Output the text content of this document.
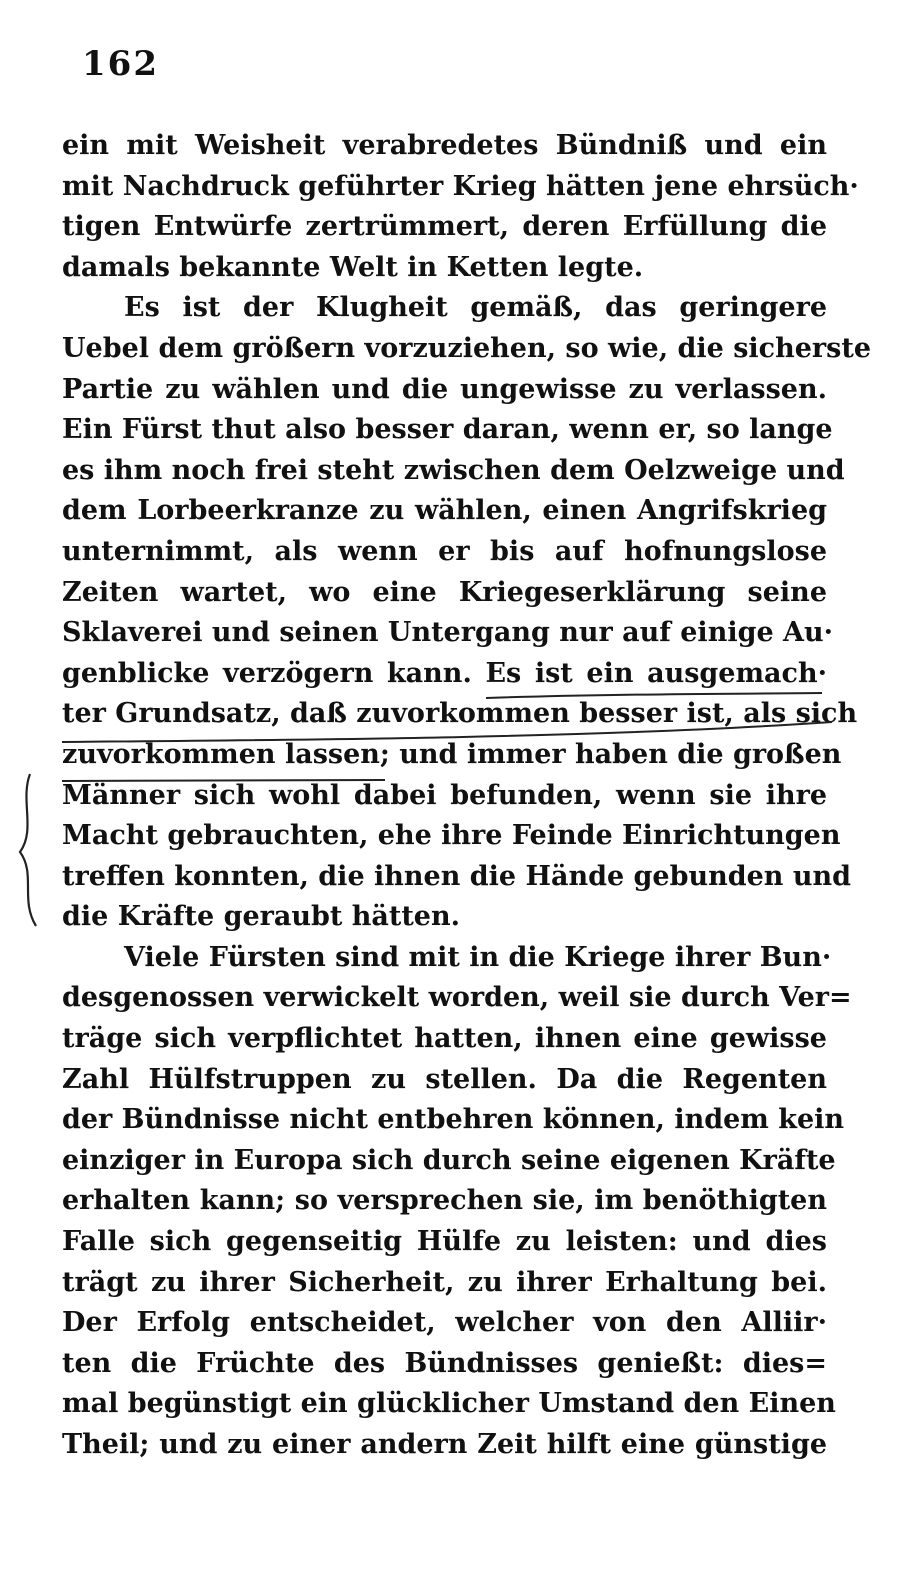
162
ein mit Weisheit verabredetes Bündniß und ein
mit Nachdruck geführter Krieg hätten jene ehrsüch·
tigen Entwürfe zertrümmert, deren Erfüllung die
damals bekannte Welt in Ketten legte.
Es ist der Klugheit gemäß, das geringere
Uebel dem größern vorzuziehen, so wie, die sicherste
Partie zu wählen und die ungewisse zu verlassen.
Ein Fürst thut also besser daran, wenn er, so lange
es ihm noch frei steht zwischen dem Oelzweige und
dem Lorbeerkranze zu wählen, einen Angrifskrieg
unternimmt, als wenn er bis auf hofnungslose
Zeiten wartet, wo eine Kriegeserklärung seine
Sklaverei und seinen Untergang nur auf einige Au·
genblicke verzögern kann. Es ist ein ausgemach·
ter Grundsatz, daß zuvorkommen besser ist, als sich
zuvorkommen lassen; und immer haben die großen
Männer sich wohl dabei befunden, wenn sie ihre
Macht gebrauchten, ehe ihre Feinde Einrichtungen
treffen konnten, die ihnen die Hände gebunden und
die Kräfte geraubt hätten.
Viele Fürsten sind mit in die Kriege ihrer Bun·
desgenossen verwickelt worden, weil sie durch Ver=
träge sich verpflichtet hatten, ihnen eine gewisse
Zahl Hülfstruppen zu stellen. Da die Regenten
der Bündnisse nicht entbehren können, indem kein
einziger in Europa sich durch seine eigenen Kräfte
erhalten kann; so versprechen sie, im benöthigten
Falle sich gegenseitig Hülfe zu leisten: und dies
trägt zu ihrer Sicherheit, zu ihrer Erhaltung bei.
Der Erfolg entscheidet, welcher von den Alliir·
ten die Früchte des Bündnisses genießt: dies=
mal begünstigt ein glücklicher Umstand den Einen
Theil; und zu einer andern Zeit hilft eine günstige
